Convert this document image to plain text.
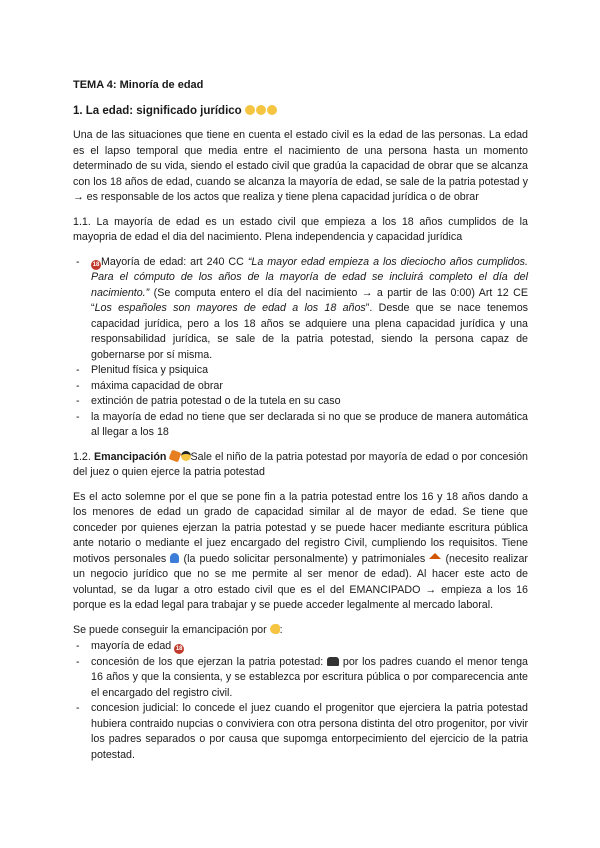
TEMA 4: Minoría de edad
1. La edad: significado jurídico

Una de las situaciones que tiene en cuenta el estado civil es la edad de las personas. La edad es el lapso temporal que media entre el nacimiento de una persona hasta un momento determinado de su vida, siendo el estado civil que gradúa la capacidad de obrar que se alcanza con los 18 años de edad, cuando se alcanza la mayoría de edad, se sale de la patria potestad y → es responsable de los actos que realiza y tiene plena capacidad jurídica o de obrar

1.1. La mayoría de edad es un estado civil que empieza a los 18 años cumplidos de la mayopria de edad el dia del nacimiento. Plena independencia y capacidad jurídica

- 18 Mayoría de edad: art 240 CC “La mayor edad empieza a los dieciocho años cumplidos. Para el cómputo de los años de la mayoría de edad se incluirá completo el día del nacimiento.” (Se computa entero el día del nacimiento → a partir de las 0:00) Art 12 CE “Los españoles son mayores de edad a los 18 años”. Desde que se nace tenemos capacidad jurídica, pero a los 18 años se adquiere una plena capacidad jurídica y una responsabilidad jurídica, se sale de la patria potestad, siendo la persona capaz de gobernarse por sí misma.
- Plenitud física y psiquica
- máxima capacidad de obrar
- extinción de patria potestad o de la tutela en su caso
- la mayoría de edad no tiene que ser declarada si no que se produce de manera automática al llegar a los 18

1.2. Emancipación Sale el niño de la patria potestad por mayoría de edad o por concesión del juez o quien ejerce la patria potestad

Es el acto solemne por el que se pone fin a la patria potestad entre los 16 y 18 años dando a los menores de edad un grado de capacidad similar al de mayor de edad. Se tiene que conceder por quienes ejerzan la patria potestad y se puede hacer mediante escritura pública ante notario o mediante el juez encargado del registro Civil, cumpliendo los requisitos. Tiene motivos personales  (la puedo solicitar personalmente) y patrimoniales  (necesito realizar un negocio jurídico que no se me permite al ser menor de edad). Al hacer este acto de voluntad, se da lugar a otro estado civil que es el del EMANCIPADO → empieza a los 16 porque es la edad legal para trabajar y se puede acceder legalmente al mercado laboral.

Se puede conseguir la emancipación por :
- mayoría de edad 18
- concesión de los que ejerzan la patria potestad:  por los padres cuando el menor tenga 16 años y que la consienta, y se establezca por escritura pública o por comparecencia ante el encargado del registro civil.
- concesion judicial: lo concede el juez cuando el progenitor que ejerciera la patria potestad hubiera contraido nupcias o conviviera con otra persona distinta del otro progenitor, por vivir los padres separados o por causa que supomga entorpecimiento del ejercicio de la patria potestad.
